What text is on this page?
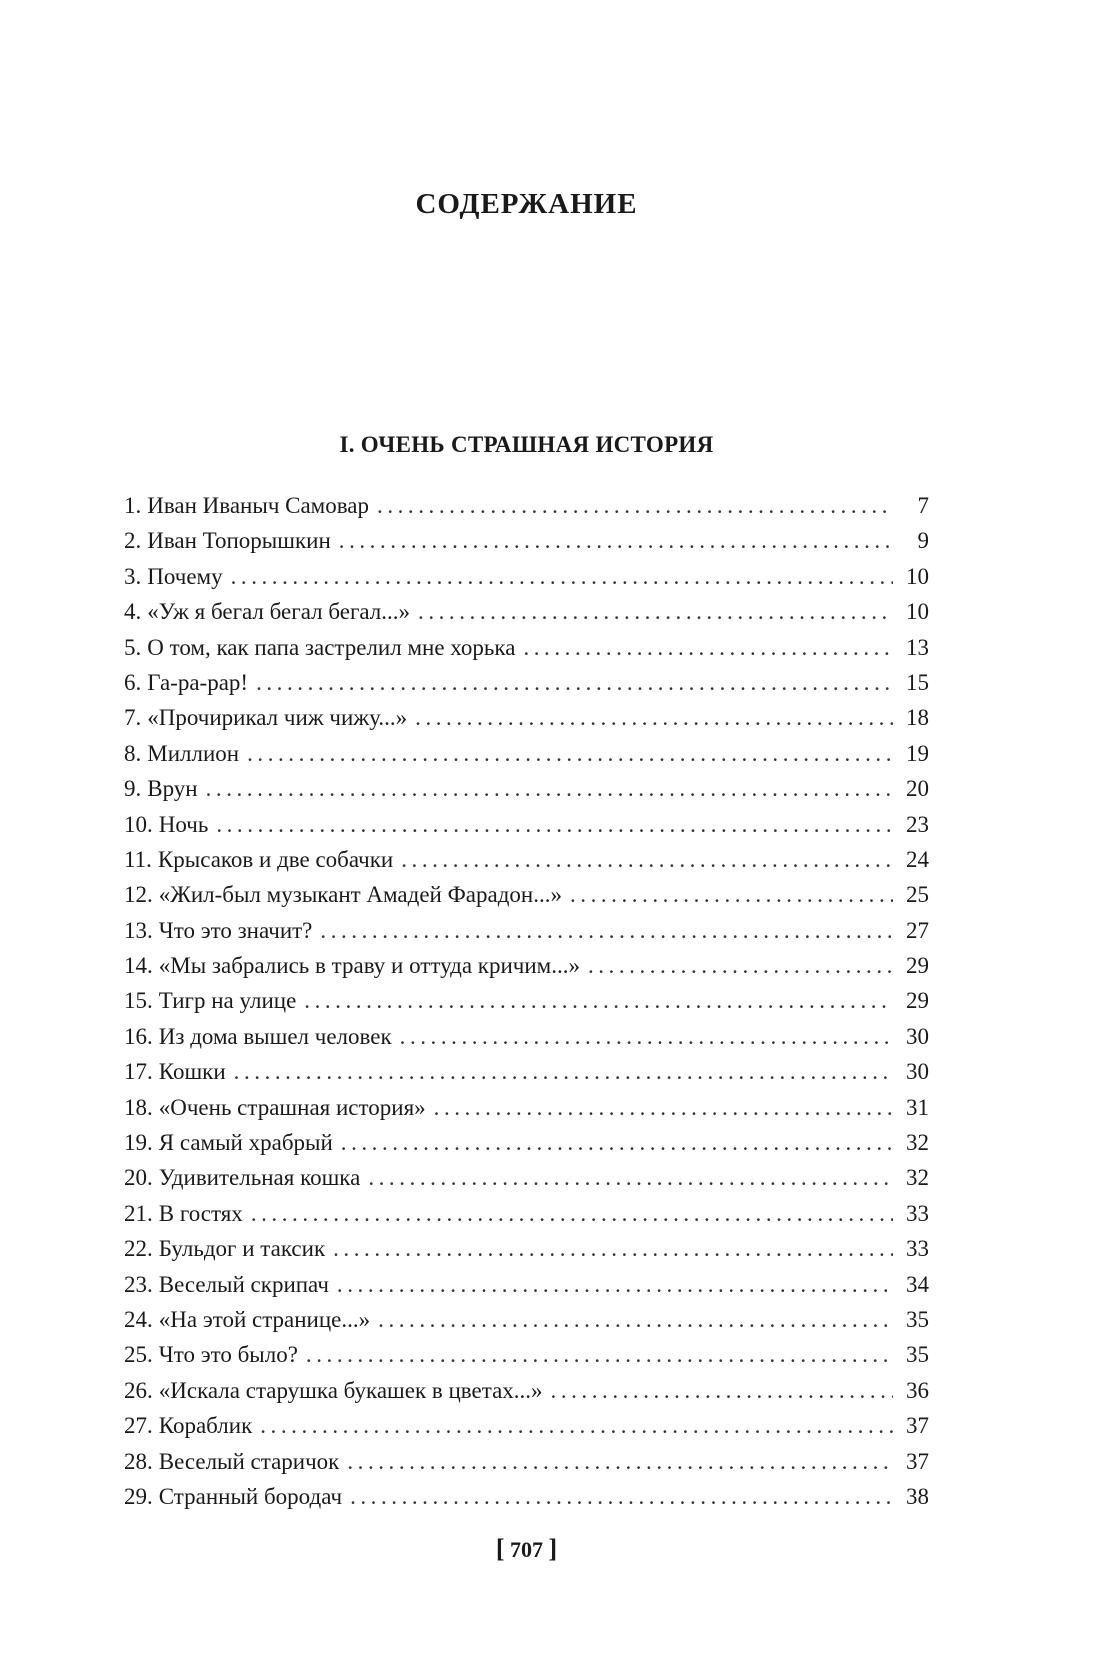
СОДЕРЖАНИЕ
I. ОЧЕНЬ СТРАШНАЯ ИСТОРИЯ
1. Иван Иваныч Самовар . . .	7
2. Иван Топорышкин . . .	9
3. Почему . . .	10
4. «Уж я бегал бегал бегал...» . . .	10
5. О том, как папа застрелил мне хорька . . .	13
6. Га-ра-рар! . . .	15
7. «Прочирикал чиж чижу...» . . .	18
8. Миллион . . .	19
9. Врун . . .	20
10. Ночь . . .	23
11. Крысаков и две собачки . . .	24
12. «Жил-был музыкант Амадей Фарадон...» . . .	25
13. Что это значит? . . .	27
14. «Мы забрались в траву и оттуда кричим...» . . .	29
15. Тигр на улице . . .	29
16. Из дома вышел человек . . .	30
17. Кошки . . .	30
18. «Очень страшная история» . . .	31
19. Я самый храбрый . . .	32
20. Удивительная кошка . . .	32
21. В гостях . . .	33
22. Бульдог и таксик . . .	33
23. Веселый скрипач . . .	34
24. «На этой странице...» . . .	35
25. Что это было? . . .	35
26. «Искала старушка букашек в цветах...» . . .	36
27. Кораблик . . .	37
28. Веселый старичок . . .	37
29. Странный бородач . . .	38
[ 707 ]
